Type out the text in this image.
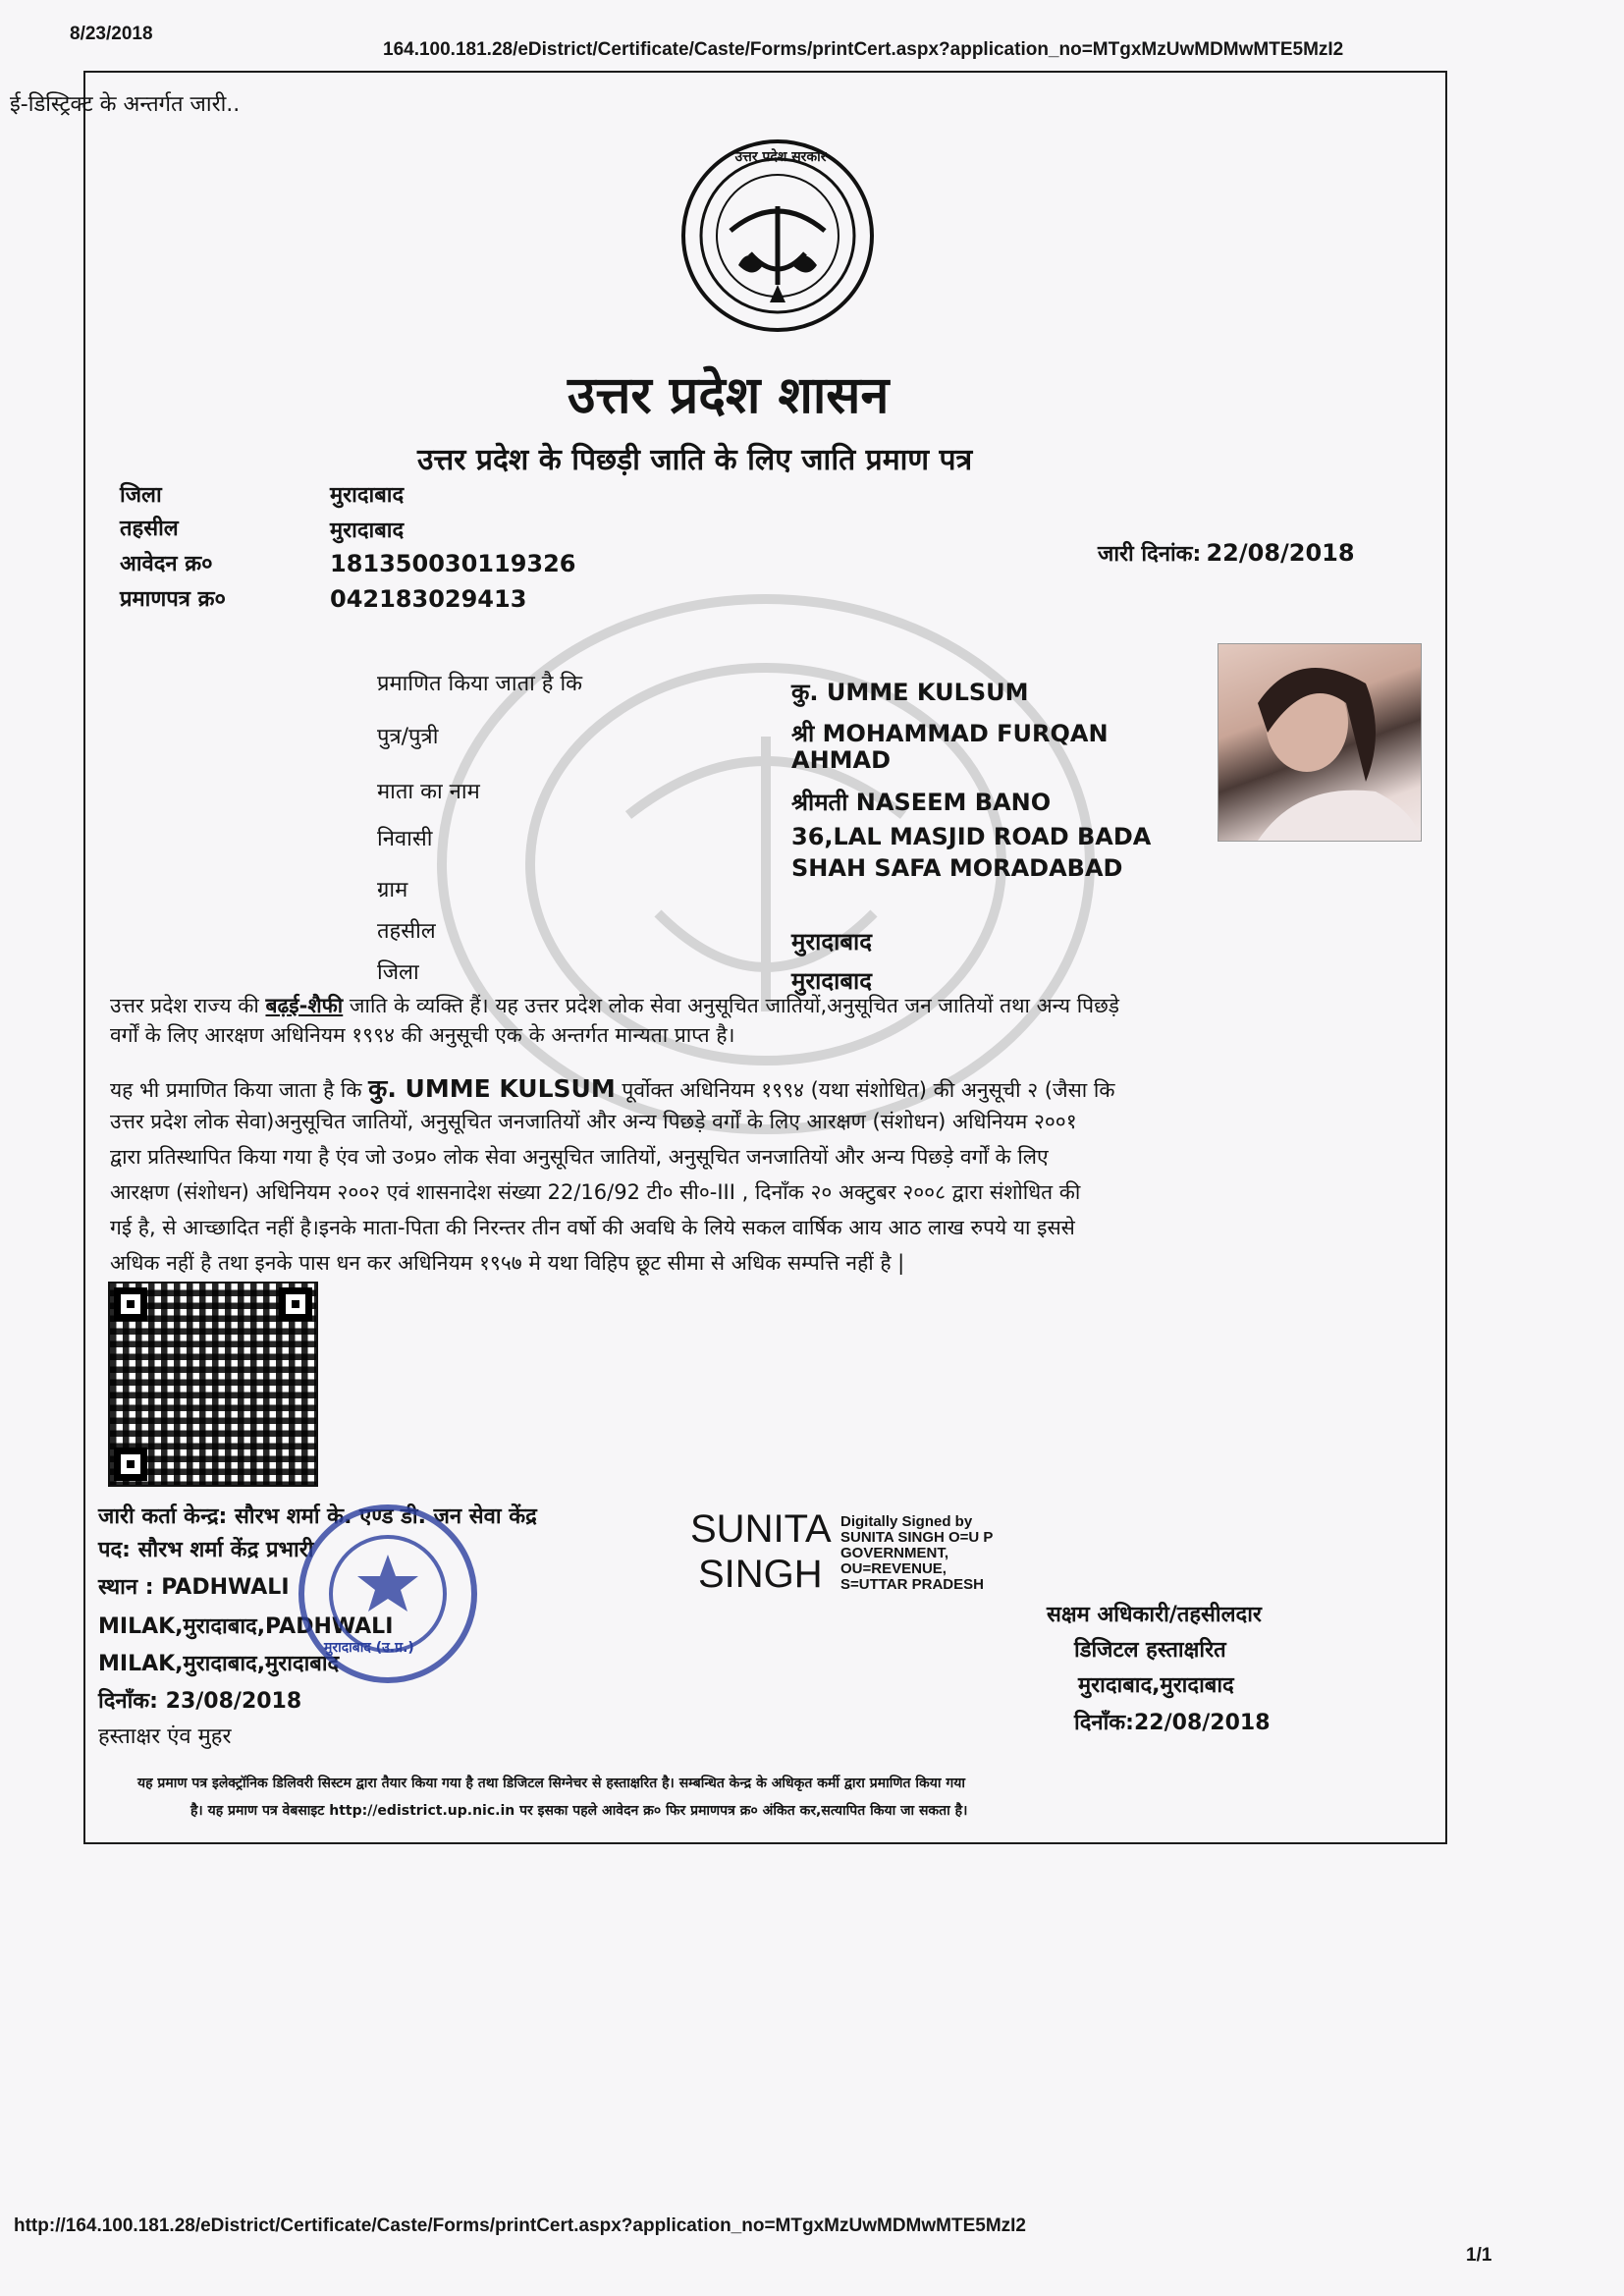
8/23/2018
164.100.181.28/eDistrict/Certificate/Caste/Forms/printCert.aspx?application_no=MTgxMzUwMDMwMTE5MzI2
ई-डिस्ट्रिक्ट के अन्तर्गत जारी..
उत्तर प्रदेश सरकार
उत्तर प्रदेश शासन
उत्तर प्रदेश के पिछड़ी जाति के लिए जाति प्रमाण पत्र
जिला	मुरादाबाद
तहसील	मुरादाबाद
आवेदन क्र०	181350030119326
प्रमाणपत्र क्र०	042183029413
जारी दिनांक: 22/08/2018
प्रमाणित किया जाता है कि	कु. UMME KULSUM
पुत्र/पुत्री	श्री MOHAMMAD FURQAN
AHMAD
माता का नाम	श्रीमती NASEEM BANO
निवासी	36,LAL MASJID ROAD BADA
SHAH SAFA MORADABAD
ग्राम
तहसील	मुरादाबाद
जिला	मुरादाबाद
उत्तर प्रदेश राज्य की बढ़ई-शैफी जाति के व्यक्ति हैं। यह उत्तर प्रदेश लोक सेवा अनुसूचित जातियों,अनुसूचित जन जातियों तथा अन्य पिछड़े
वर्गों के लिए आरक्षण अधिनियम १९९४ की अनुसूची एक के अन्तर्गत मान्यता प्राप्त है।
यह भी प्रमाणित किया जाता है कि कु. UMME KULSUM पूर्वोक्त अधिनियम १९९४ (यथा संशोधित) की अनुसूची २ (जैसा कि
उत्तर प्रदेश लोक सेवा)अनुसूचित जातियों, अनुसूचित जनजातियों और अन्य पिछड़े वर्गों के लिए आरक्षण (संशोधन) अधिनियम २००१
द्वारा प्रतिस्थापित किया गया है एंव जो उ०प्र० लोक सेवा अनुसूचित जातियों, अनुसूचित जनजातियों और अन्य पिछड़े वर्गों के लिए
आरक्षण (संशोधन) अधिनियम २००२ एवं शासनादेश संख्या 22/16/92 टी० सी०-III , दिनाँक २० अक्टुबर २००८ द्वारा संशोधित की
गई है, से आच्छादित नहीं है।इनके माता-पिता की निरन्तर तीन वर्षो की अवधि के लिये सकल वार्षिक आय आठ लाख रुपये या इससे
अधिक नहीं है तथा इनके पास धन कर अधिनियम १९५७ मे यथा विहिप छूट सीमा से अधिक सम्पत्ति नहीं है |
जारी कर्ता केन्द्र: सौरभ शर्मा के. एण्ड डी. जन सेवा केंद्र
पद: सौरभ शर्मा केंद्र प्रभारी
स्थान : PADHWALI
MILAK,मुरादाबाद,PADHWALI
MILAK,मुरादाबाद,मुरादाबाद
दिनाँक: 23/08/2018
हस्ताक्षर एंव मुहर
मुरादाबाद (उ.प्र.)
SUNITA
SINGH
Digitally Signed by
SUNITA SINGH O=U P
GOVERNMENT,
OU=REVENUE,
S=UTTAR PRADESH
सक्षम अधिकारी/तहसीलदार
डिजिटल हस्ताक्षरित
मुरादाबाद,मुरादाबाद
दिनाँक:22/08/2018
यह प्रमाण पत्र इलेक्ट्रॉनिक डिलिवरी सिस्टम द्वारा तैयार किया गया है तथा डिजिटल सिग्नेचर से हस्ताक्षरित है। सम्बन्धित केन्द्र के अधिकृत कर्मी द्वारा प्रमाणित किया गया
है। यह प्रमाण पत्र वेबसाइट http://edistrict.up.nic.in पर इसका पहले आवेदन क्र० फिर प्रमाणपत्र क्र० अंकित कर,सत्यापित किया जा सकता है।
http://164.100.181.28/eDistrict/Certificate/Caste/Forms/printCert.aspx?application_no=MTgxMzUwMDMwMTE5MzI2
1/1
